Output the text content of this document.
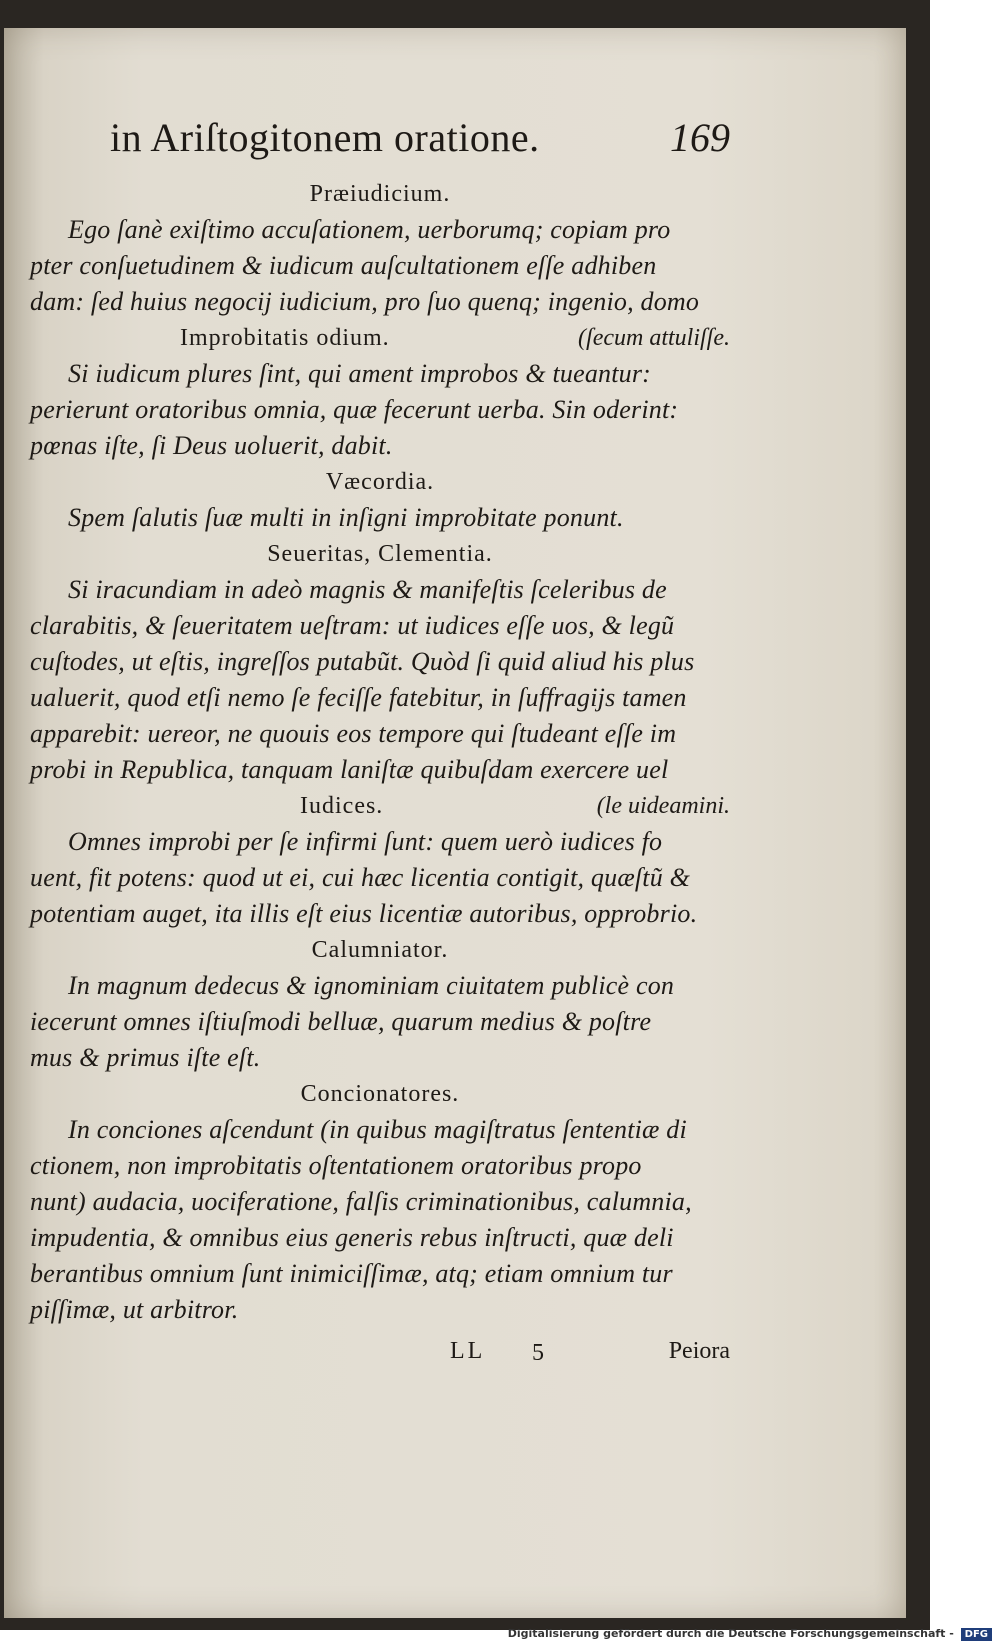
in Ariſtogitonem oratione.	169
Præiudicium.
Ego ſanè exiſtimo accuſationem, uerborumq; copiam pro
pter conſuetudinem & iudicum auſcultationem eſſe adhiben
dam: ſed huius negocij iudicium, pro ſuo quenq; ingenio, domo
Improbitatis odium.	(ſecum attuliſſe.
Si iudicum plures ſint, qui ament improbos & tueantur:
perierunt oratoribus omnia, quæ fecerunt uerba. Sin oderint:
pœnas iſte, ſi Deus uoluerit, dabit.
Væcordia.
Spem ſalutis ſuæ multi in inſigni improbitate ponunt.
Seueritas, Clementia.
Si iracundiam in adeò magnis & manifeſtis ſceleribus de
clarabitis, & ſeueritatem ueſtram: ut iudices eſſe uos, & legũ
cuſtodes, ut eſtis, ingreſſos putabũt. Quòd ſi quid aliud his plus
ualuerit, quod etſi nemo ſe feciſſe fatebitur, in ſuffragijs tamen
apparebit: uereor, ne quouis eos tempore qui ſtudeant eſſe im
probi in Republica, tanquam laniſtæ quibuſdam exercere uel
Iudices.	(le uideamini.
Omnes improbi per ſe infirmi ſunt: quem uerò iudices fo
uent, fit potens: quod ut ei, cui hæc licentia contigit, quæſtũ &
potentiam auget, ita illis eſt eius licentiæ autoribus, opprobrio.
Calumniator.
In magnum dedecus & ignominiam ciuitatem publicè con
iecerunt omnes iſtiuſmodi belluæ, quarum medius & poſtre
mus & primus iſte eſt.
Concionatores.
In conciones aſcendunt (in quibus magiſtratus ſententiæ di
ctionem, non improbitatis oſtentationem oratoribus propo
nunt) audacia, uociferatione, falſis criminationibus, calumnia,
impudentia, & omnibus eius generis rebus inſtructi, quæ deli
berantibus omnium ſunt inimiciſſimæ, atq; etiam omnium tur
piſſimæ, ut arbitror.
LL 5	Peiora
Digitalisierung gefördert durch die Deutsche Forschungsgemeinschaft - DFG
